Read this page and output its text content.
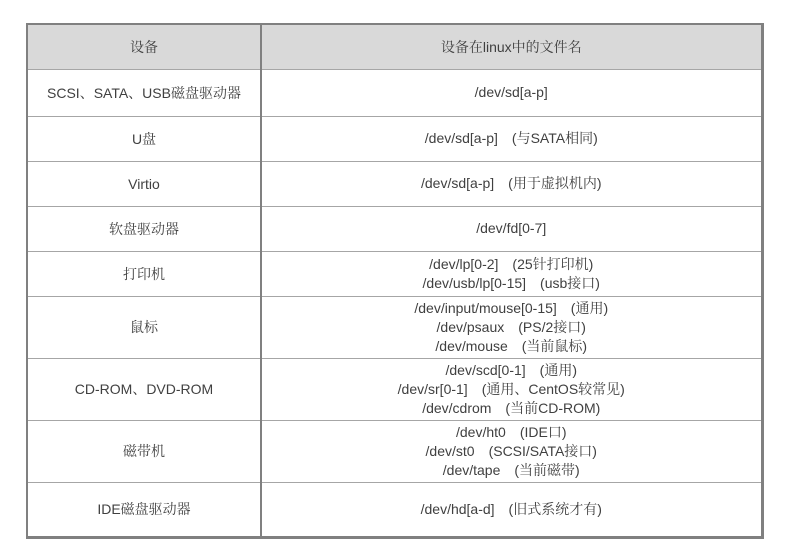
设备	设备在linux中的文件名
SCSI、SATA、USB磁盘驱动器	/dev/sd[a-p]

U盘	/dev/sd[a-p]　(与SATA相同)

Virtio	/dev/sd[a-p]　(用于虚拟机内)

软盘驱动器	/dev/fd[0-7]

打印机	/dev/lp[0-2]　(25针打印机)
/dev/usb/lp[0-15]　(usb接口)

鼠标	/dev/input/mouse[0-15]　(通用)
/dev/psaux　(PS/2接口)
/dev/mouse　(当前鼠标)

CD-ROM、DVD-ROM	/dev/scd[0-1]　(通用)
/dev/sr[0-1]　(通用、CentOS较常见)
/dev/cdrom　(当前CD-ROM)

磁带机	/dev/ht0　(IDE口)
/dev/st0　(SCSI/SATA接口)
/dev/tape　(当前磁带)

IDE磁盘驱动器	/dev/hd[a-d]　(旧式系统才有)
